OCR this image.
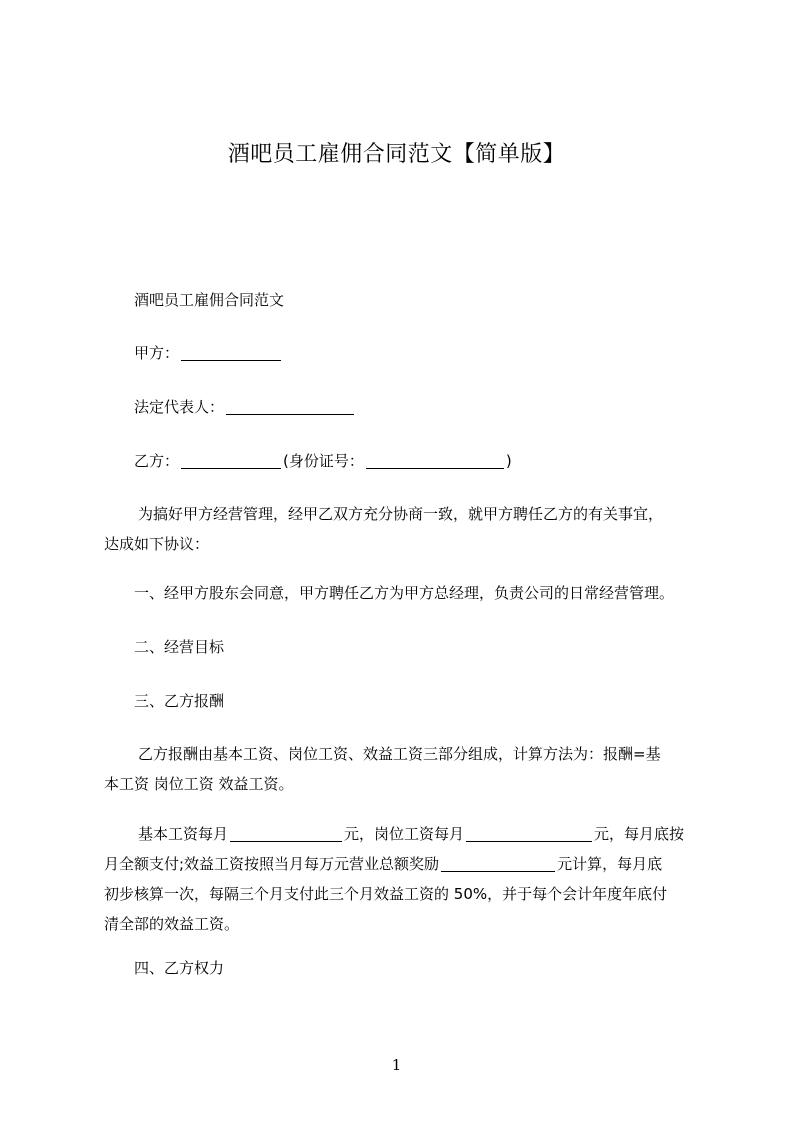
酒吧员工雇佣合同范文【简单版】

酒吧员工雇佣合同范文

甲方：

法定代表人：

乙方：	(身份证号：	)

为搞好甲方经营管理，经甲乙双方充分协商一致，就甲方聘任乙方的有关事宜，
达成如下协议：

一、经甲方股东会同意，甲方聘任乙方为甲方总经理，负责公司的日常经营管理。

二、经营目标

三、乙方报酬

乙方报酬由基本工资、岗位工资、效益工资三部分组成，计算方法为：报酬=基
本工资 岗位工资 效益工资。
基本工资每月	元，岗位工资每月	元，每月底按
月全额支付;效益工资按照当月每万元营业总额奖励	元计算，每月底
初步核算一次，每隔三个月支付此三个月效益工资的 50%，并于每个会计年度年底付
清全部的效益工资。

四、乙方权力

1
